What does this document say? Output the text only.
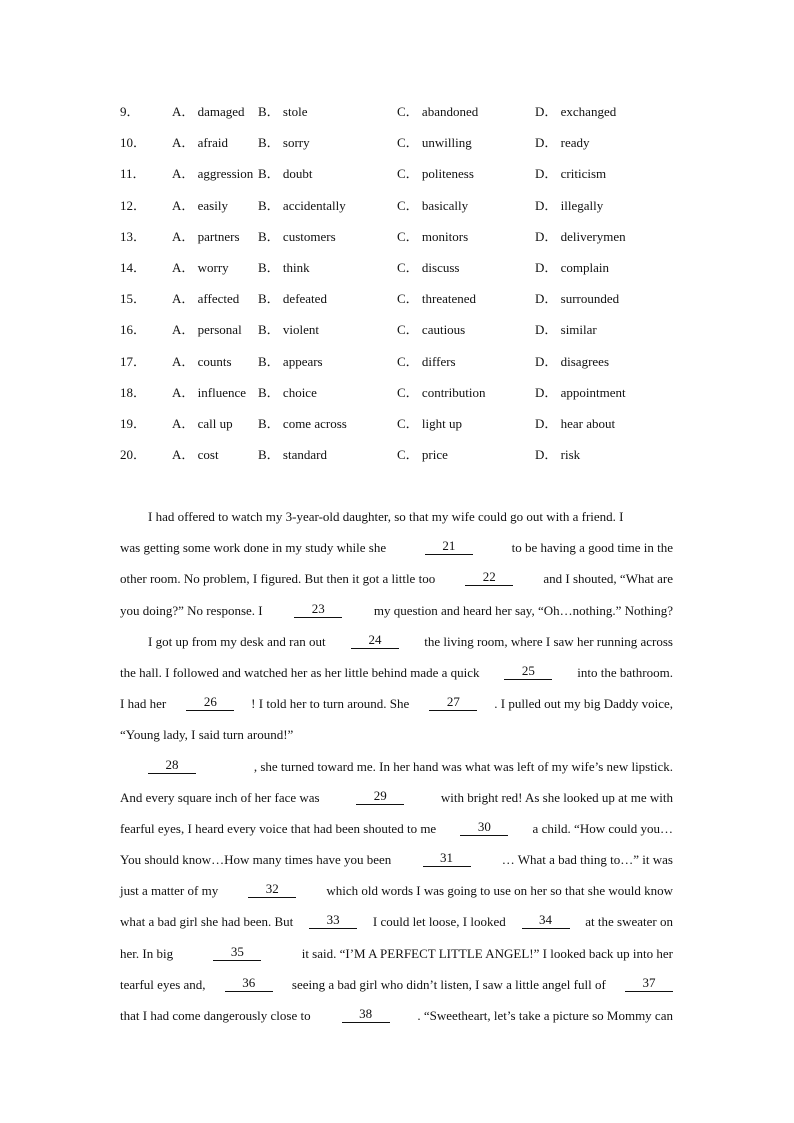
9． A． damaged B． stole	C． abandoned	D． exchanged
10． A． afraid B． sorry	C． unwilling	D． ready
11． A． aggression B． doubt	C． politeness	D． criticism
12． A． easily B． accidentally	C． basically	D． illegally
13． A． partners B． customers	C． monitors	D． deliverymen
14． A． worry B． think	C． discuss	D． complain
15． A． affected B． defeated	C． threatened	D． surrounded
16． A． personal B． violent	C． cautious	D． similar
17． A． counts B． appears	C． differs	D． disagrees
18． A． influence B． choice	C． contribution	D． appointment
19． A． call up B． come across	C． light up	D． hear about
20． A． cost	B． standard	C． price	D． risk
I had offered to watch my 3-year-old daughter, so that my wife could go out with a friend. I
was getting some work done in my study while she	21	to be having a good time in the
other room. No problem, I figured. But then it got a little too	22	and I shouted, “What are
you doing?” No response. I	23	my question and heard her say, “Oh…nothing.” Nothing?
I got up from my desk and ran out	24	the living room, where I saw her running across
the hall. I followed and watched her as her little behind made a quick	25	into the bathroom.
I had her	26	! I told her to turn around. She	27	. I pulled out my big Daddy voice,
“Young lady, I said turn around!”
28	, she turned toward me. In her hand was what was left of my wife’s new lipstick.
And every square inch of her face was	29	with bright red! As she looked up at me with
fearful eyes, I heard every voice that had been shouted to me	30	a child. “How could you…
You should know…How many times have you been	31	… What a bad thing to…” it was
just a matter of my	32	which old words I was going to use on her so that she would know
what a bad girl she had been. But	33	I could let loose, I looked	34	at the sweater on
her. In big	35	it said. “I’M A PERFECT LITTLE ANGEL!” I looked back up into her
tearful eyes and,	36	seeing a bad girl who didn’t listen, I saw a little angel full of	37
that I had come dangerously close to	38	. “Sweetheart, let’s take a picture so Mommy can
